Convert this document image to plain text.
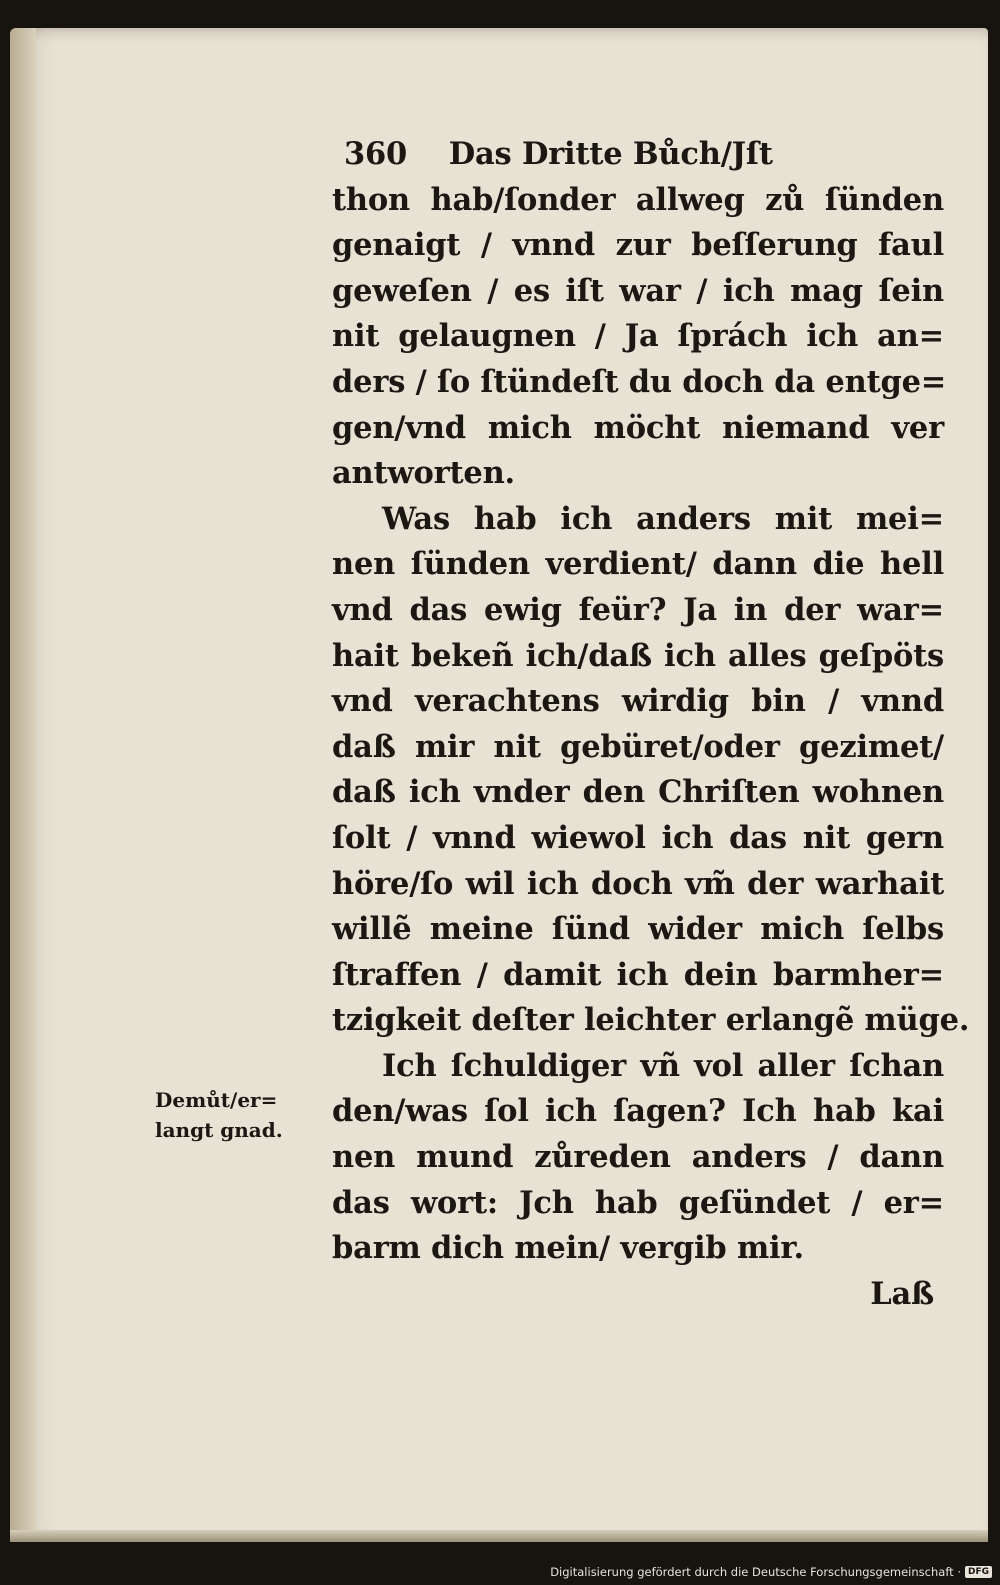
360    Das Dritte Bůch/Jſt
thon hab/ſonder allweg zů ſünden
genaigt / vnnd zur beſſerung faul
geweſen / es iſt war / ich mag ſein
nit gelaugnen / Ja ſprách ich an=
ders / ſo ſtündeſt du doch da entge=
gen/vnd mich möcht niemand ver
antworten.
Was hab ich anders mit mei=
nen ſünden verdient/ dann die hell
vnd das ewig feür? Ja in der war=
hait bekeñ ich/daß ich alles geſpöts
vnd verachtens wirdig bin / vnnd
daß mir nit gebüret/oder gezimet/
daß ich vnder den Chriſten wohnen
ſolt / vnnd wiewol ich das nit gern
höre/ſo wil ich doch vm̃ der warhait
willẽ meine ſünd wider mich ſelbs
ſtraffen / damit ich dein barmher=
tzigkeit deſter leichter erlangẽ müge.
Ich ſchuldiger vñ vol aller ſchan
den/was ſol ich ſagen? Ich hab kai
nen mund zůreden anders / dann
das wort: Jch hab geſündet / er=
barm dich mein/ vergib mir.
Laß
Demůt/er=
langt gnad.
Digitalisierung gefördert durch die Deutsche Forschungsgemeinschaft · DFG
